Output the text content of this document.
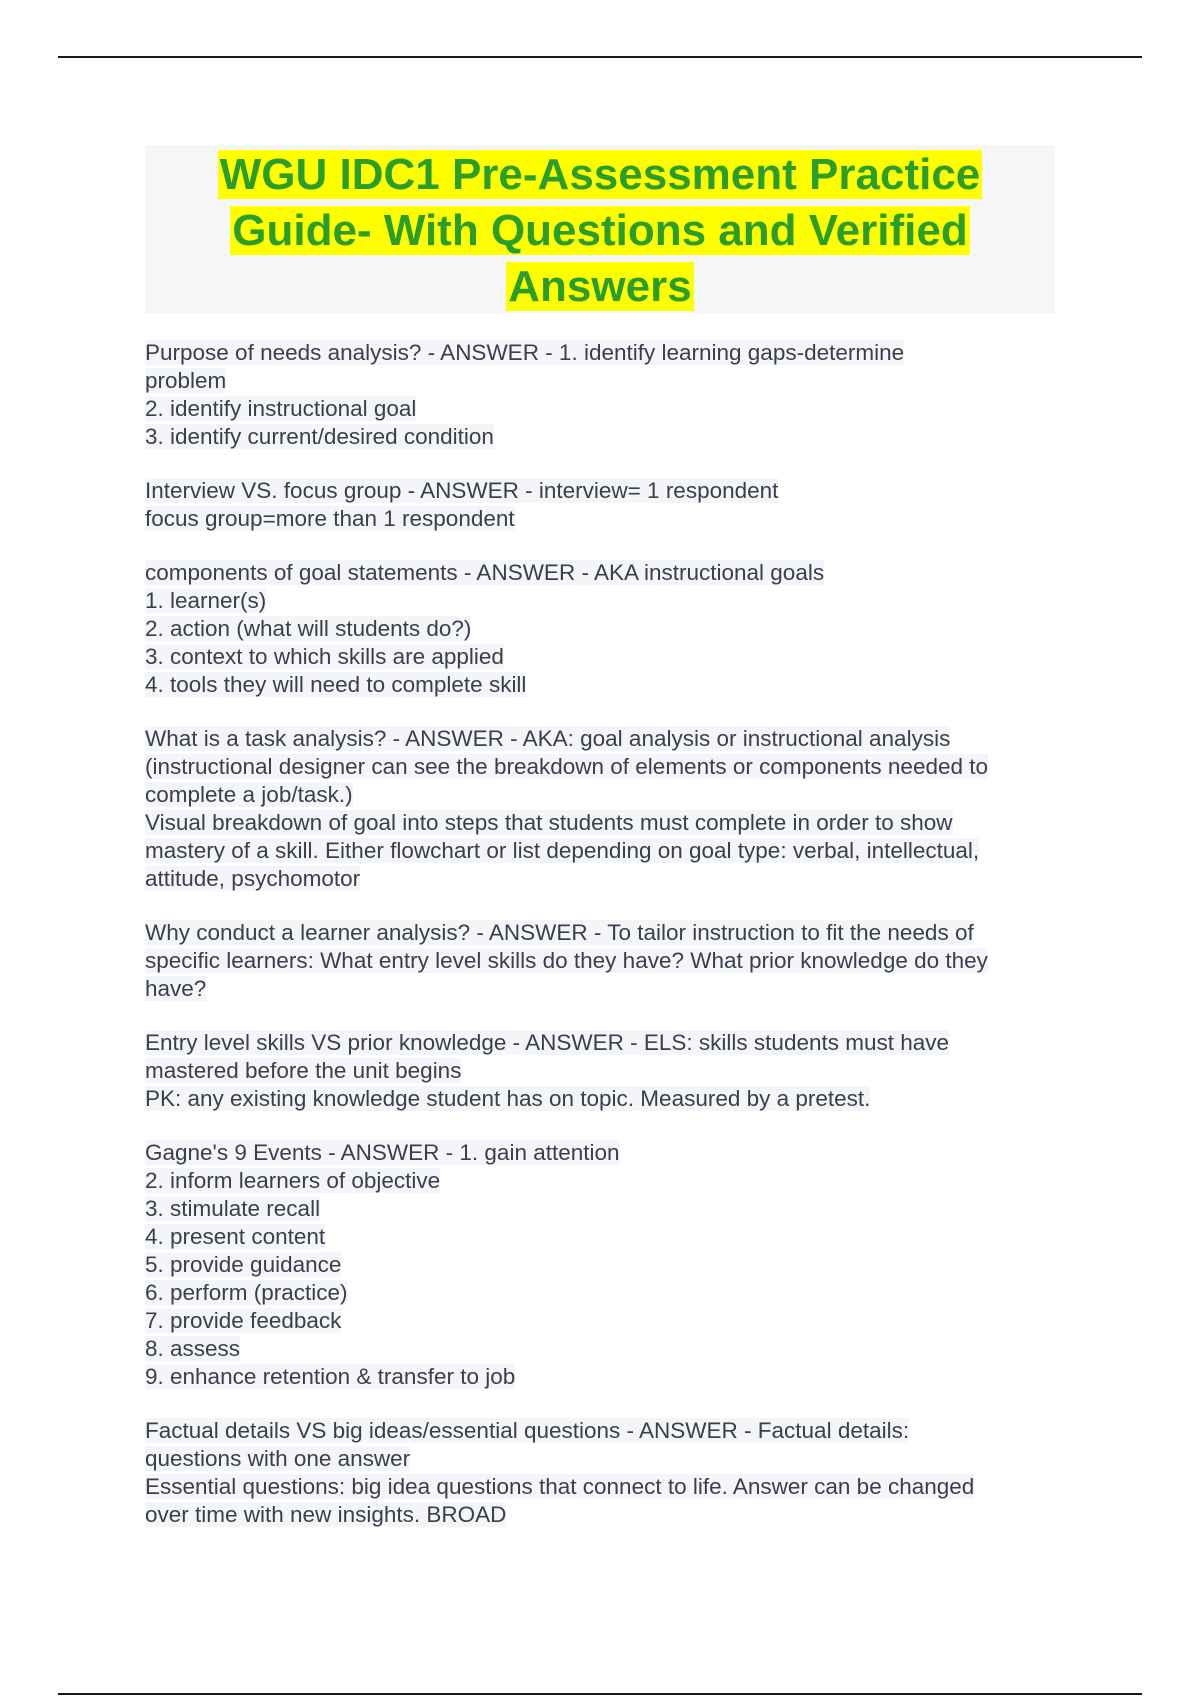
WGU IDC1 Pre-Assessment Practice
Guide- With Questions and Verified
Answers
Purpose of needs analysis? - ANSWER - 1. identify learning gaps-determine
problem
2. identify instructional goal
3. identify current/desired condition
Interview VS. focus group - ANSWER - interview= 1 respondent
focus group=more than 1 respondent
components of goal statements - ANSWER - AKA instructional goals
1. learner(s)
2. action (what will students do?)
3. context to which skills are applied
4. tools they will need to complete skill
What is a task analysis? - ANSWER - AKA: goal analysis or instructional analysis
(instructional designer can see the breakdown of elements or components needed to
complete a job/task.)
Visual breakdown of goal into steps that students must complete in order to show
mastery of a skill. Either flowchart or list depending on goal type: verbal, intellectual,
attitude, psychomotor
Why conduct a learner analysis? - ANSWER - To tailor instruction to fit the needs of
specific learners: What entry level skills do they have? What prior knowledge do they
have?
Entry level skills VS prior knowledge - ANSWER - ELS: skills students must have
mastered before the unit begins
PK: any existing knowledge student has on topic. Measured by a pretest.
Gagne's 9 Events - ANSWER - 1. gain attention
2. inform learners of objective
3. stimulate recall
4. present content
5. provide guidance
6. perform (practice)
7. provide feedback
8. assess
9. enhance retention & transfer to job
Factual details VS big ideas/essential questions - ANSWER - Factual details:
questions with one answer
Essential questions: big idea questions that connect to life. Answer can be changed
over time with new insights. BROAD
